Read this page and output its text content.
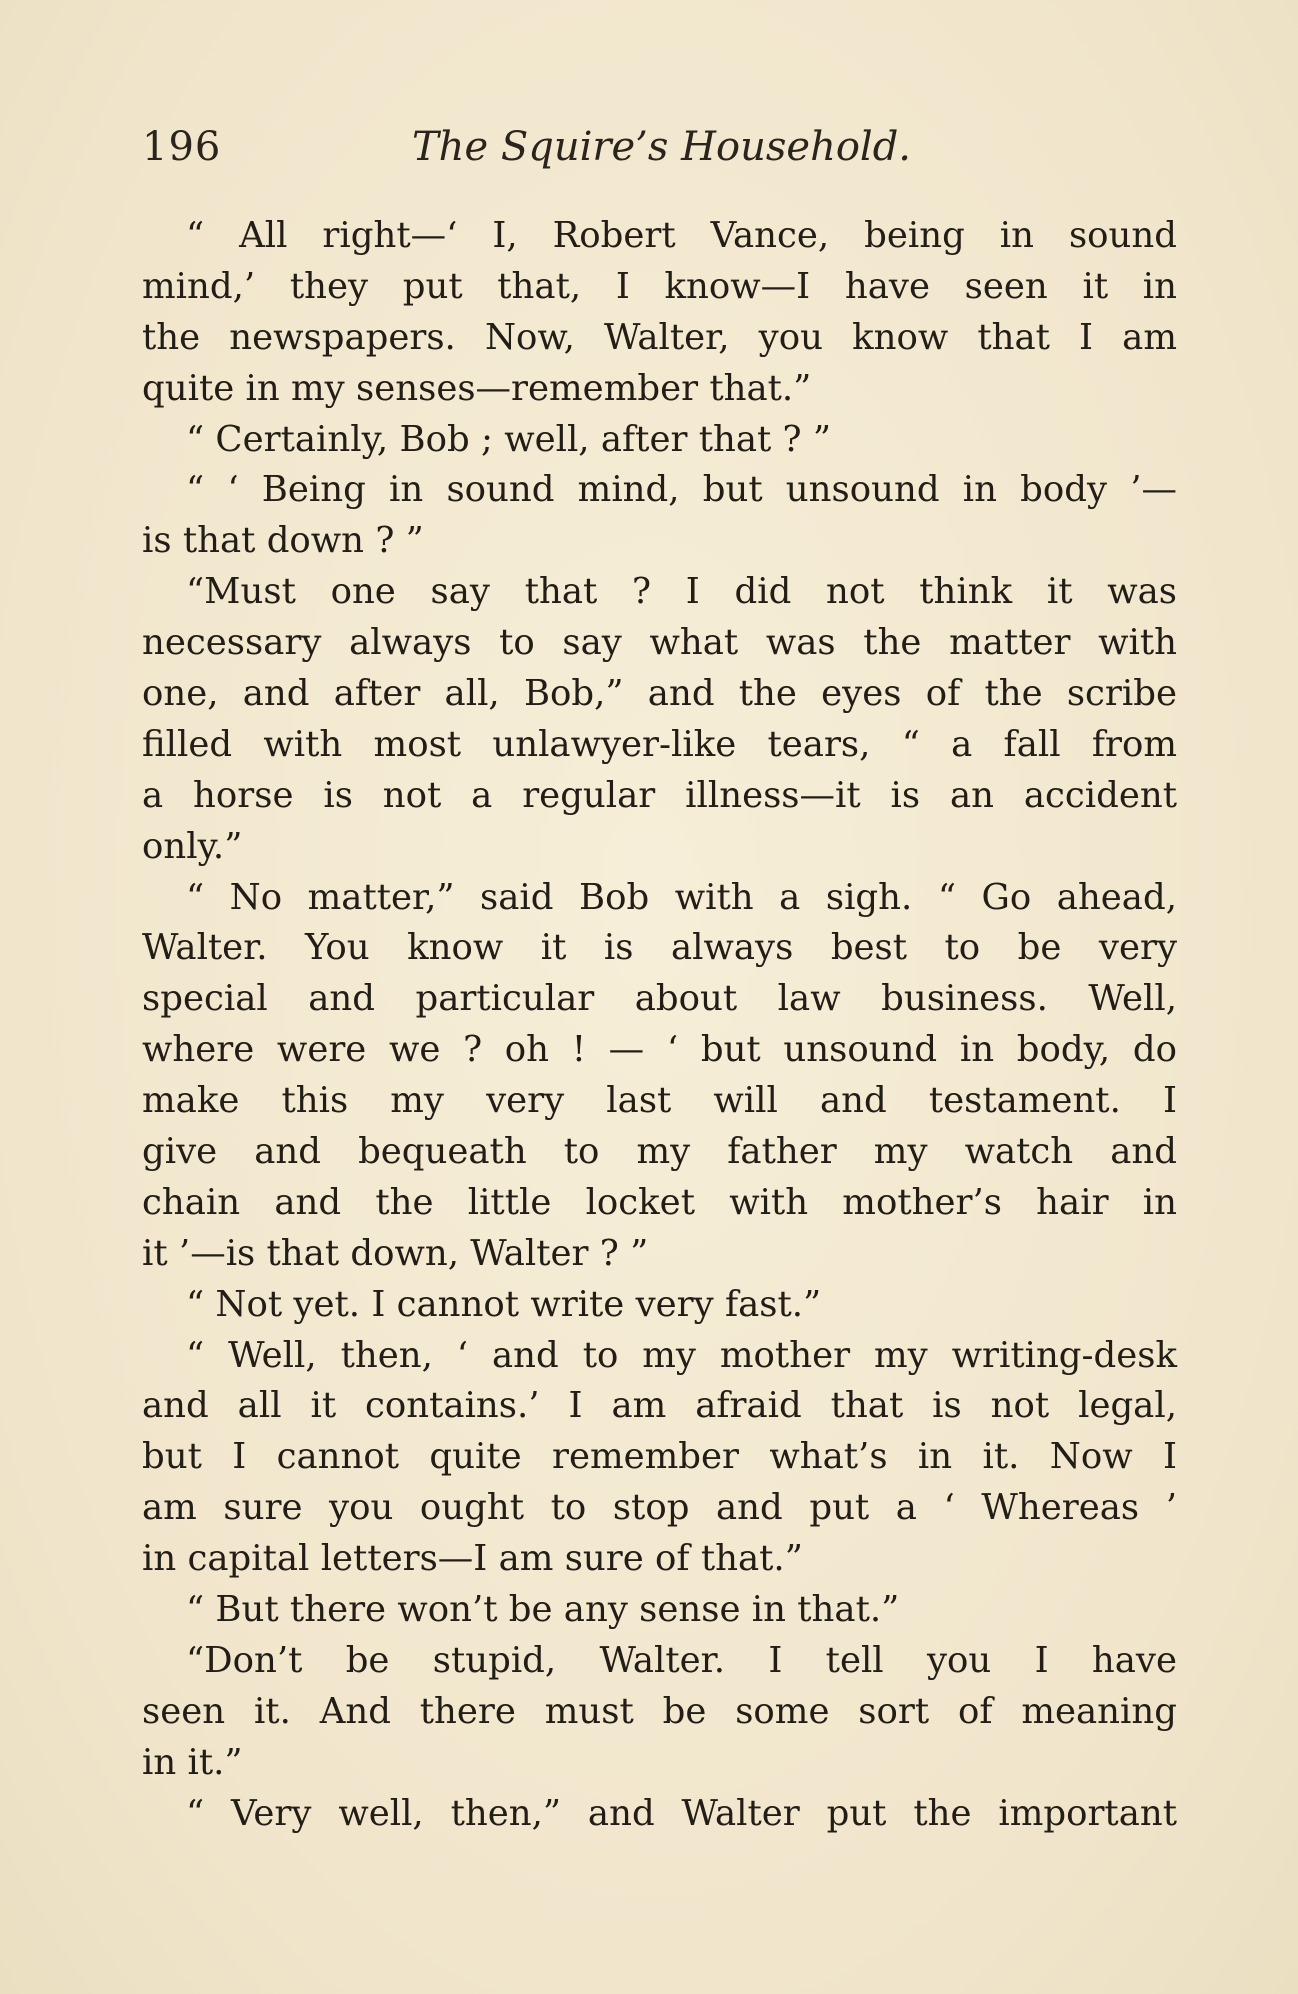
196	The Squire’s Household.
“ All right—‘ I, Robert Vance, being in sound
mind,’ they put that, I know—I have seen it in
the newspapers. Now, Walter, you know that I am
quite in my senses—remember that.”
“ Certainly, Bob ; well, after that ? ”
“ ‘ Being in sound mind, but unsound in body ’—
is that down ? ”
“Must one say that ? I did not think it was
necessary always to say what was the matter with
one, and after all, Bob,” and the eyes of the scribe
filled with most unlawyer-like tears, “ a fall from
a horse is not a regular illness—it is an accident
only.”
“ No matter,” said Bob with a sigh. “ Go ahead,
Walter. You know it is always best to be very
special and particular about law business. Well,
where were we ? oh ! — ‘ but unsound in body, do
make this my very last will and testament. I
give and bequeath to my father my watch and
chain and the little locket with mother’s hair in
it ’—is that down, Walter ? ”
“ Not yet. I cannot write very fast.”
“ Well, then, ‘ and to my mother my writing-desk
and all it contains.’ I am afraid that is not legal,
but I cannot quite remember what’s in it. Now I
am sure you ought to stop and put a ‘ Whereas ’
in capital letters—I am sure of that.”
“ But there won’t be any sense in that.”
“Don’t be stupid, Walter. I tell you I have
seen it. And there must be some sort of meaning
in it.”
“ Very well, then,” and Walter put the important
